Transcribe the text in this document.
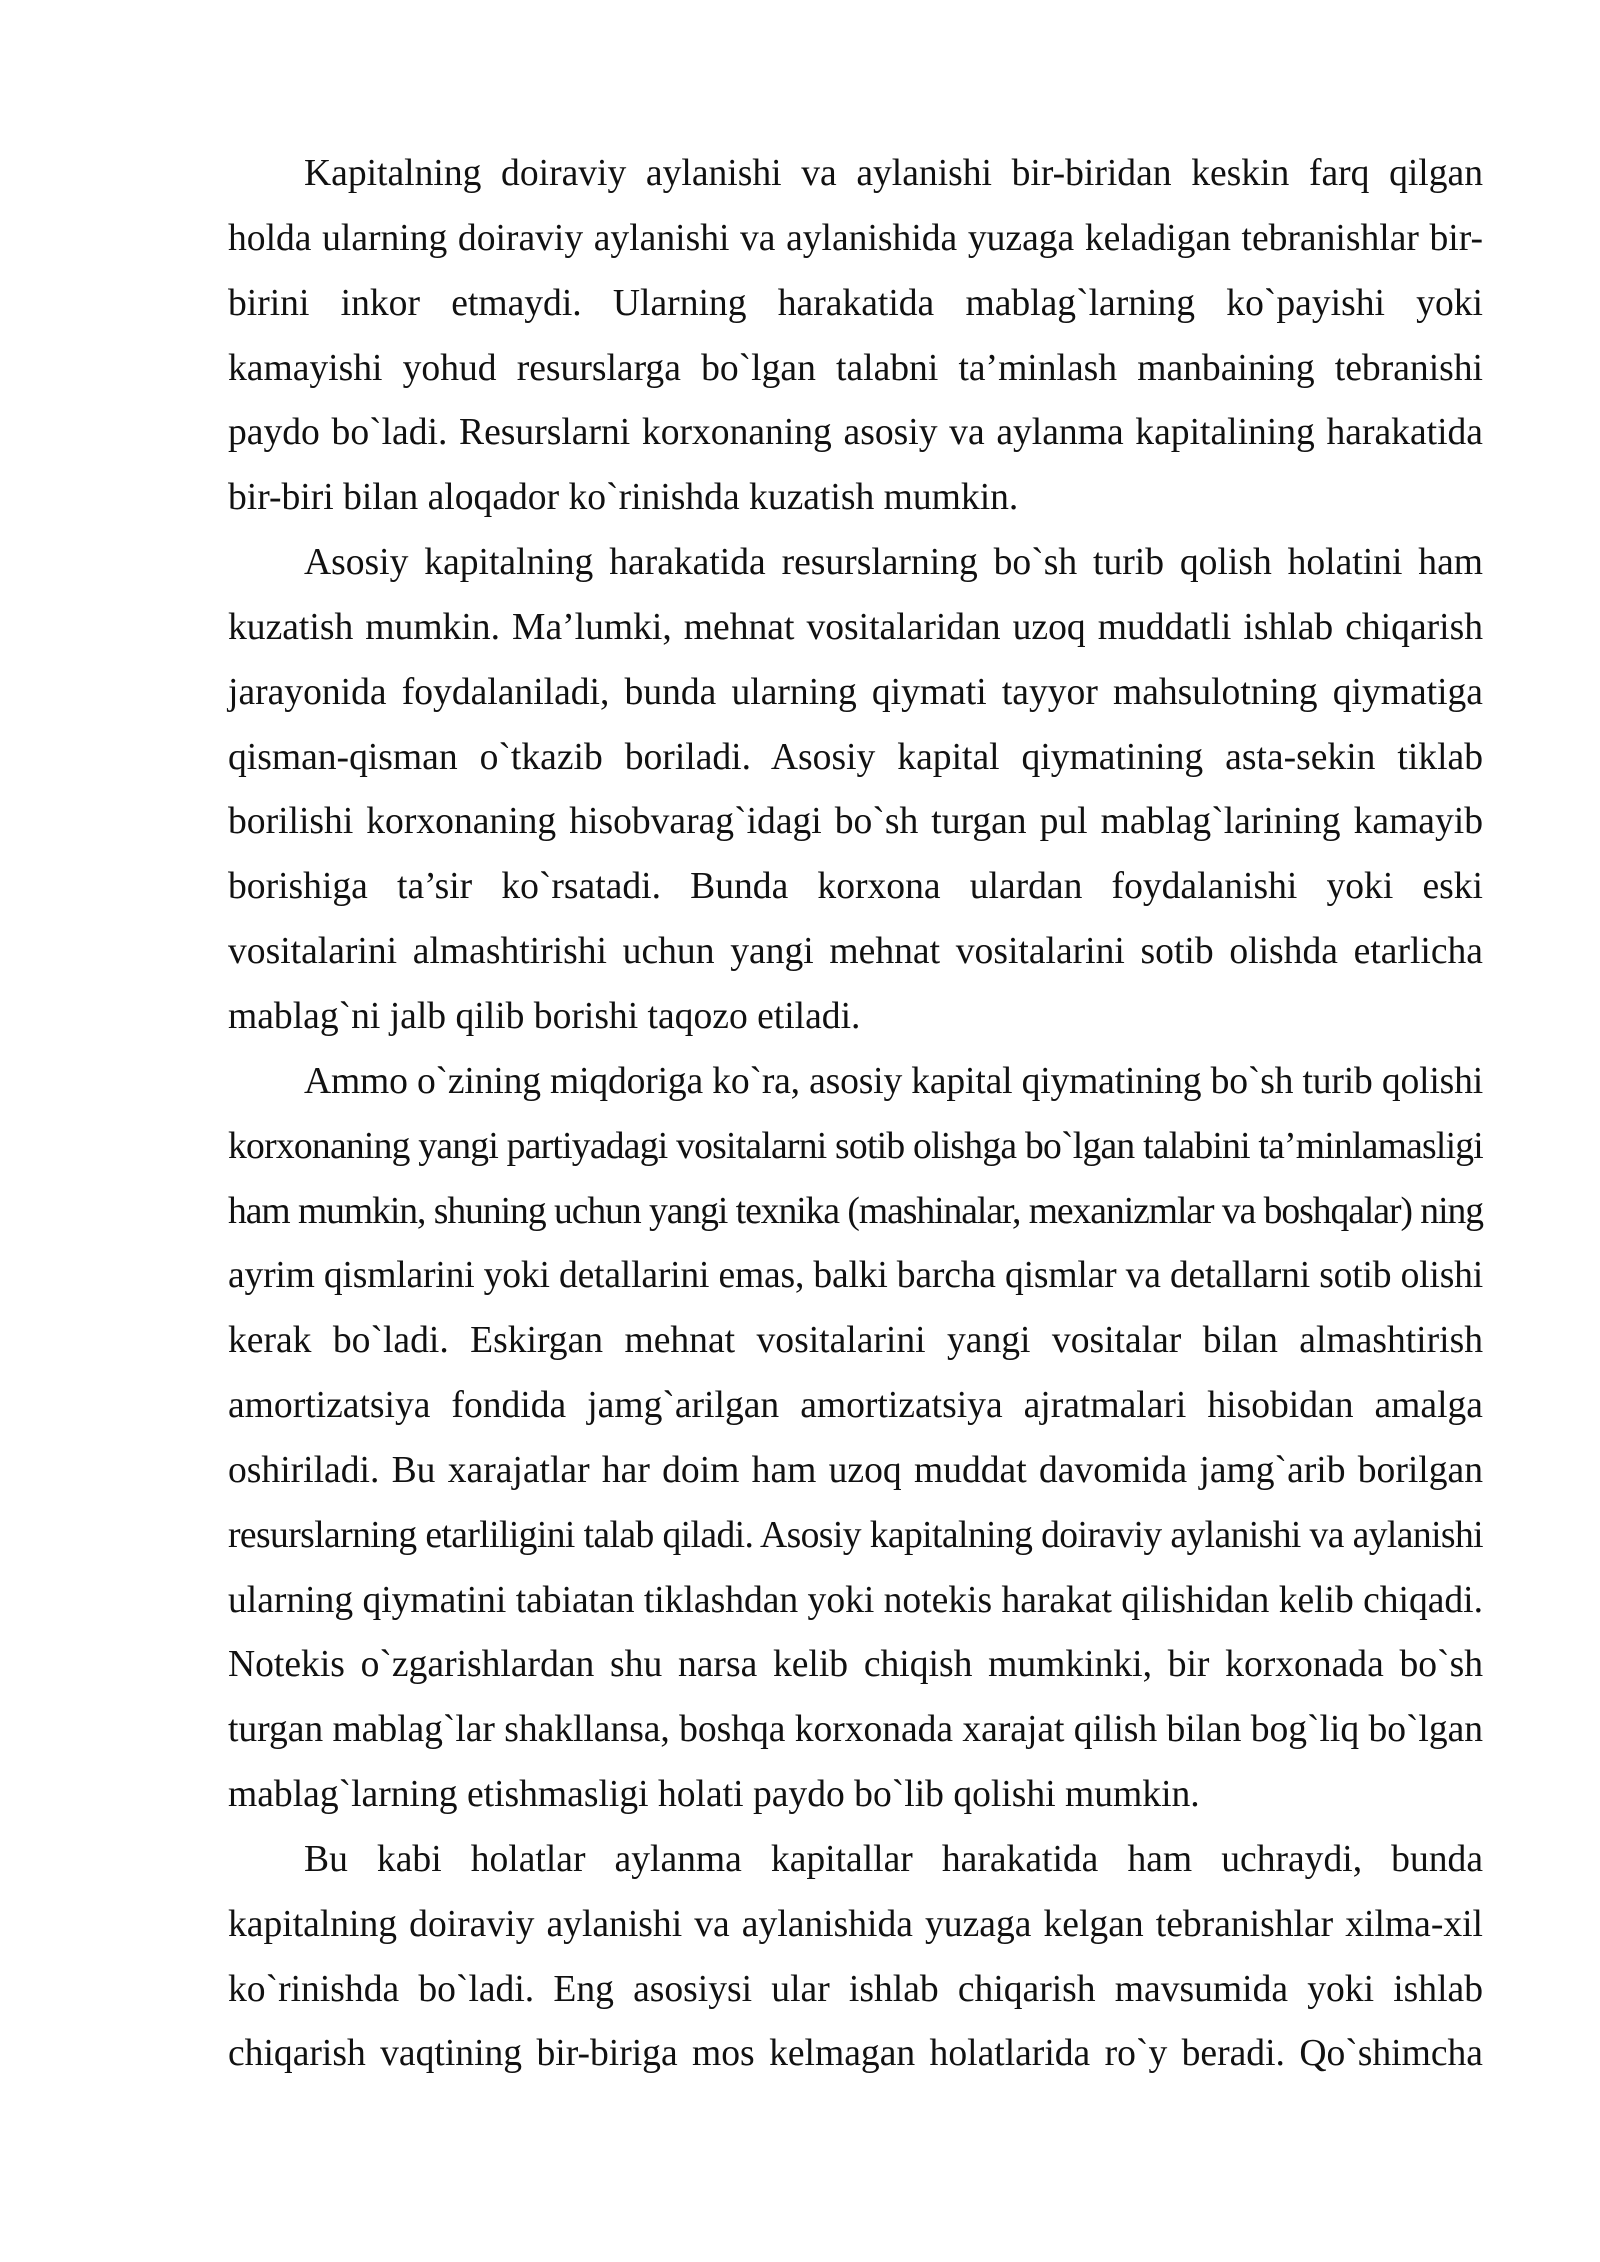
Kapitalning doiraviy aylanishi va aylanishi bir-biridan keskin farq qilgan
holda ularning doiraviy aylanishi va aylanishida yuzaga keladigan tebranishlar bir-
birini inkor etmaydi. Ularning harakatida mablag`larning ko`payishi yoki
kamayishi yohud resurslarga bo`lgan talabni ta’minlash manbaining tebranishi
paydo bo`ladi. Resurslarni korxonaning asosiy va aylanma kapitalining harakatida
bir-biri bilan aloqador ko`rinishda kuzatish mumkin.
Asosiy kapitalning harakatida resurslarning bo`sh turib qolish holatini ham
kuzatish mumkin. Ma’lumki, mehnat vositalaridan uzoq muddatli ishlab chiqarish
jarayonida foydalaniladi, bunda ularning qiymati tayyor mahsulotning qiymatiga
qisman-qisman o`tkazib boriladi. Asosiy kapital qiymatining asta-sekin tiklab
borilishi korxonaning hisobvarag`idagi bo`sh turgan pul mablag`larining kamayib
borishiga ta’sir ko`rsatadi. Bunda korxona ulardan foydalanishi yoki eski
vositalarini almashtirishi uchun yangi mehnat vositalarini sotib olishda etarlicha
mablag`ni jalb qilib borishi taqozo etiladi.
Ammo o`zining miqdoriga ko`ra, asosiy kapital qiymatining bo`sh turib qolishi
korxonaning yangi partiyadagi vositalarni sotib olishga bo`lgan talabini ta’minlamasligi
ham mumkin, shuning uchun yangi texnika (mashinalar, mexanizmlar va boshqalar) ning
ayrim qismlarini yoki detallarini emas, balki barcha qismlar va detallarni sotib olishi
kerak bo`ladi. Eskirgan mehnat vositalarini yangi vositalar bilan almashtirish
amortizatsiya fondida jamg`arilgan amortizatsiya ajratmalari hisobidan amalga
oshiriladi. Bu xarajatlar har doim ham uzoq muddat davomida jamg`arib borilgan
resurslarning etarliligini talab qiladi. Asosiy kapitalning doiraviy aylanishi va aylanishi
ularning qiymatini tabiatan tiklashdan yoki notekis harakat qilishidan kelib chiqadi.
Notekis o`zgarishlardan shu narsa kelib chiqish mumkinki, bir korxonada bo`sh
turgan mablag`lar shakllansa, boshqa korxonada xarajat qilish bilan bog`liq bo`lgan
mablag`larning etishmasligi holati paydo bo`lib qolishi mumkin.
Bu kabi holatlar aylanma kapitallar harakatida ham uchraydi, bunda
kapitalning doiraviy aylanishi va aylanishida yuzaga kelgan tebranishlar xilma-xil
ko`rinishda bo`ladi. Eng asosiysi ular ishlab chiqarish mavsumida yoki ishlab
chiqarish vaqtining bir-biriga mos kelmagan holatlarida ro`y beradi. Qo`shimcha
